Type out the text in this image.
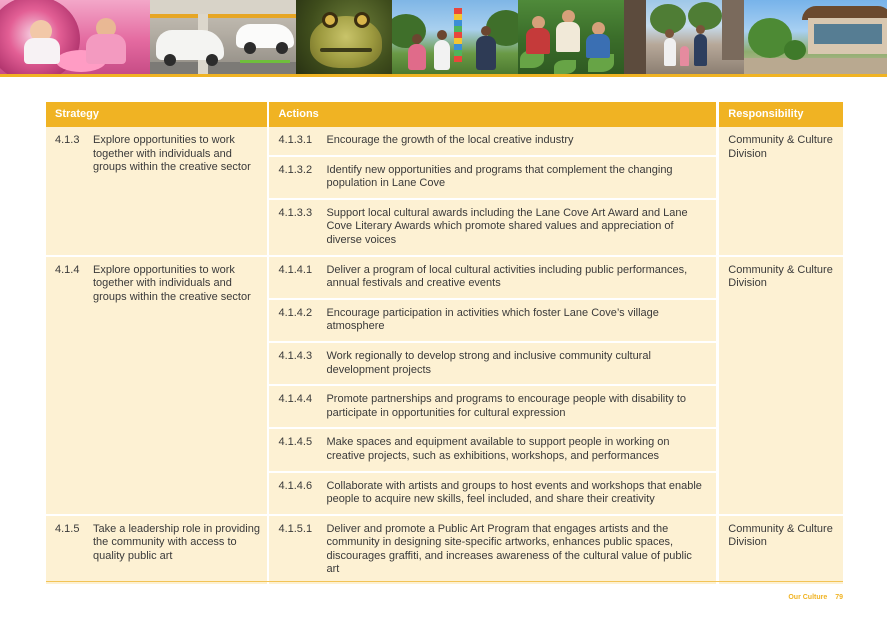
Strategy	Actions	Responsibility
4.1.3	Explore opportunities to work together with individuals and groups within the creative sector
4.1.3.1	Encourage the growth of the local creative industry
4.1.3.2	Identify new opportunities and programs that complement the changing population in Lane Cove
4.1.3.3	Support local cultural awards including the Lane Cove Art Award and Lane Cove Literary Awards which promote shared values and appreciation of diverse voices
Community & Culture Division
4.1.4	Explore opportunities to work together with individuals and groups within the creative sector
4.1.4.1	Deliver a program of local cultural activities including public performances, annual festivals and creative events
4.1.4.2	Encourage participation in activities which foster Lane Cove’s village atmosphere
4.1.4.3	Work regionally to develop strong and inclusive community cultural development projects
4.1.4.4	Promote partnerships and programs to encourage people with disability to participate in opportunities for cultural expression
4.1.4.5	Make spaces and equipment available to support people in working on creative projects, such as exhibitions, workshops, and performances
4.1.4.6	Collaborate with artists and groups to host events and workshops that enable people to acquire new skills, feel included, and share their creativity
Community & Culture Division
4.1.5	Take a leadership role in providing the community with access to quality public art
4.1.5.1	Deliver and promote a Public Art Program that engages artists and the community in designing site-specific artworks, enhances public spaces, discourages graffiti, and increases awareness of the cultural value of public art
Community & Culture Division
Our Culture 79
